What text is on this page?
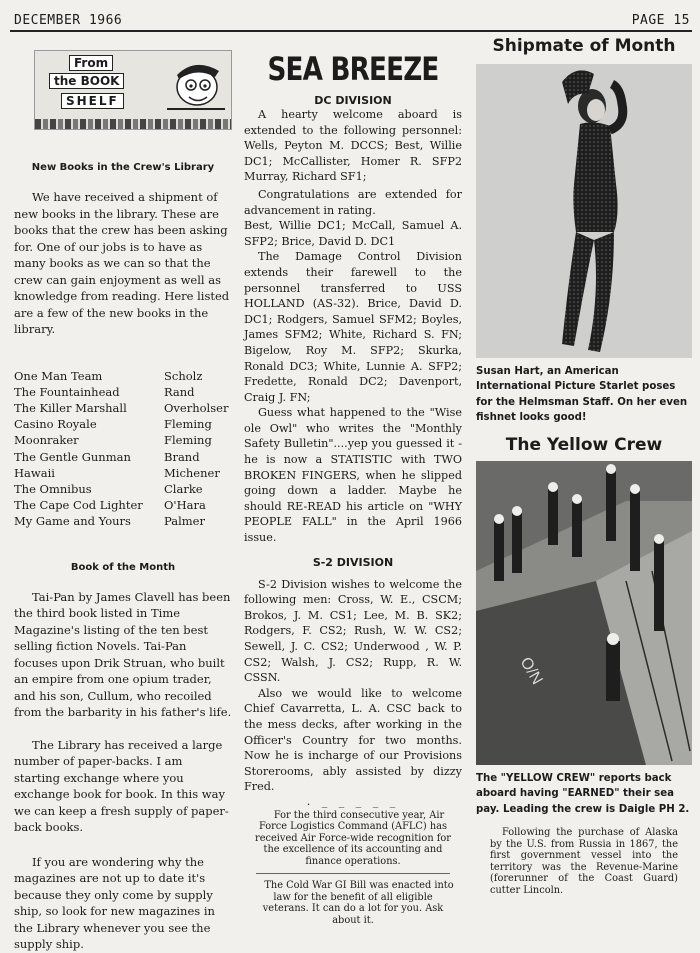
DECEMBER 1966	PAGE 15
From
the BOOK
SHELF

New Books in the Crew's Library

We have received a shipment of new books in the library. These are books that the crew has been asking for. One of our jobs is to have as many books as we can so that the crew can gain enjoyment as well as knowledge from reading. Here listed are a few of the new books in the library.

One Man Team	Scholz
The Fountainhead	Rand
The Killer Marshall	Overholser
Casino Royale	Fleming
Moonraker	Fleming
The Gentle Gunman	Brand
Hawaii	Michener
The Omnibus	Clarke
The Cape Cod Lighter	O'Hara
My Game and Yours	Palmer

Book of the Month

Tai-Pan by James Clavell has been the third book listed in Time Magazine's listing of the ten best selling fiction Novels. Tai-Pan focuses upon Drik Struan, who built an empire from one opium trader, and his son, Cullum, who recoiled from the barbarity in his father's life.

The Library has received a large number of paper-backs. I am starting exchange where you exchange book for book. In this way we can keep a fresh supply of paper-back books.

If you are wondering why the magazines are not up to date it's because they only come by supply ship, so look for new magazines in the Library whenever you see the supply ship.

SEA BREEZE

DC DIVISION

A hearty welcome aboard is extended to the following personnel: Wells, Peyton M. DCCS; Best, Willie DC1; McCallister, Homer R. SFP2 Murray, Richard SF1;

Congratulations are extended for advancement in rating.

Best, Willie DC1; McCall, Samuel A. SFP2; Brice, David D. DC1

The Damage Control Division extends their farewell to the personnel transferred to USS HOLLAND (AS-32). Brice, David D. DC1; Rodgers, Samuel SFM2; Boyles, James SFM2; White, Richard S. FN; Bigelow, Roy M. SFP2; Skurka, Ronald DC3; White, Lunnie A. SFP2; Fredette, Ronald DC2; Davenport, Craig J. FN;

Guess what happened to the "Wise ole Owl" who writes the "Monthly Safety Bulletin"....yep you guessed it - he is now a STATISTIC with TWO BROKEN FINGERS, when he slipped going down a ladder. Maybe he should RE-READ his article on "WHY PEOPLE FALL" in the April 1966 issue.

S-2 DIVISION

S-2 Division wishes to welcome the following men: Cross, W. E., CSCM; Brokos, J. M. CS1; Lee, M. B. SK2; Rodgers, F. CS2; Rush, W. W. CS2; Sewell, J. C. CS2; Underwood , W. P. CS2; Walsh, J. CS2; Rupp, R. W. CSSN.

Also we would like to welcome Chief Cavarretta, L. A. CSC back to the mess decks, after working in the Officer's Country for two months. Now he is incharge of our Provisions Storerooms, ably assisted by dizzy Fred.

. _ _ _ _ _

For the third consecutive year, Air Force Logistics Command (AFLC) has received Air Force-wide recognition for the excellence of its accounting and finance operations.

The Cold War GI Bill was enacted into law for the benefit of all eligible veterans. It can do a lot for you. Ask about it.

Shipmate of Month

Susan Hart, an American International Picture Starlet poses for the Helmsman Staff. On her even fishnet looks good!

The Yellow Crew

O/N

The "YELLOW CREW" reports back aboard having "EARNED" their sea pay. Leading the crew is Daigle PH 2.

Following the purchase of Alaska by the U.S. from Russia in 1867, the first government vessel into the territory was the Revenue-Marine (forerunner of the Coast Guard) cutter Lincoln.
